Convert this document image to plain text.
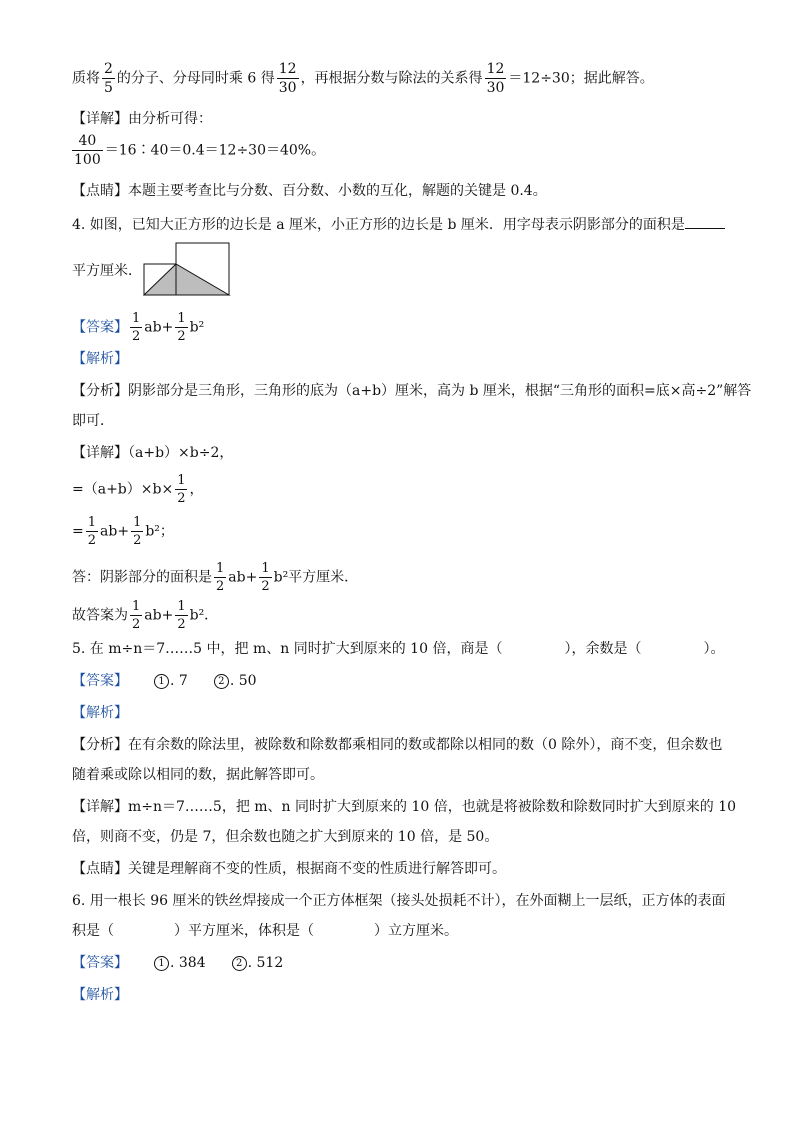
质将 $\frac{2}{5}$ 的分子、分母同时乘 6 得 $\frac{12}{30}$ ，再根据分数与除法的关系得 $\frac{12}{30} =12\div 30$；据此解答。
【详解】由分析可得：
$\frac{40}{100}$ ＝16∶40＝0.4＝12÷30＝40%。
【点睛】本题主要考查比与分数、百分数、小数的互化，解题的关键是 0.4。
4. 如图，已知大正方形的边长是 a 厘米，小正方形的边长是 b 厘米．用字母表示阴影部分的面积是
平方厘米．
【答案】 $\frac{1}{2} ab+ \frac{1}{2} b^2$
【解析】
【分析】阴影部分是三角形，三角形的底为（a+b）厘米，高为 b 厘米，根据“三角形的面积=底×高÷2”解答
即可．
【详解】（a+b）×b÷2，
$=(a+b)\times b\times \frac{1}{2}$ ，
= $\frac{1}{2} ab+ \frac{1}{2} b^2$；
答：阴影部分的面积是 $\frac{1}{2} ab+ \frac{1}{2} b^2$平方厘米．
故答案为 $\frac{1}{2} ab+ \frac{1}{2} b^2$．
5. 在 m÷n＝7……5 中，把 m、n 同时扩大到原来的 10 倍，商是（	），余数是（	）。
【答案】	1 . 7	2 . 50
【解析】
【分析】在有余数的除法里，被除数和除数都乘相同的数或都除以相同的数（0 除外），商不变，但余数也
随着乘或除以相同的数，据此解答即可。
【详解】m÷n＝7……5，把 m、n 同时扩大到原来的 10 倍，也就是将被除数和除数同时扩大到原来的 10
倍，则商不变，仍是 7，但余数也随之扩大到原来的 10 倍，是 50。
【点睛】关键是理解商不变的性质，根据商不变的性质进行解答即可。
6. 用一根长 96 厘米的铁丝焊接成一个正方体框架（接头处损耗不计），在外面糊上一层纸，正方体的表面
积是（	）平方厘米，体积是（	）立方厘米。
【答案】	1 . 384	2 . 512
【解析】
